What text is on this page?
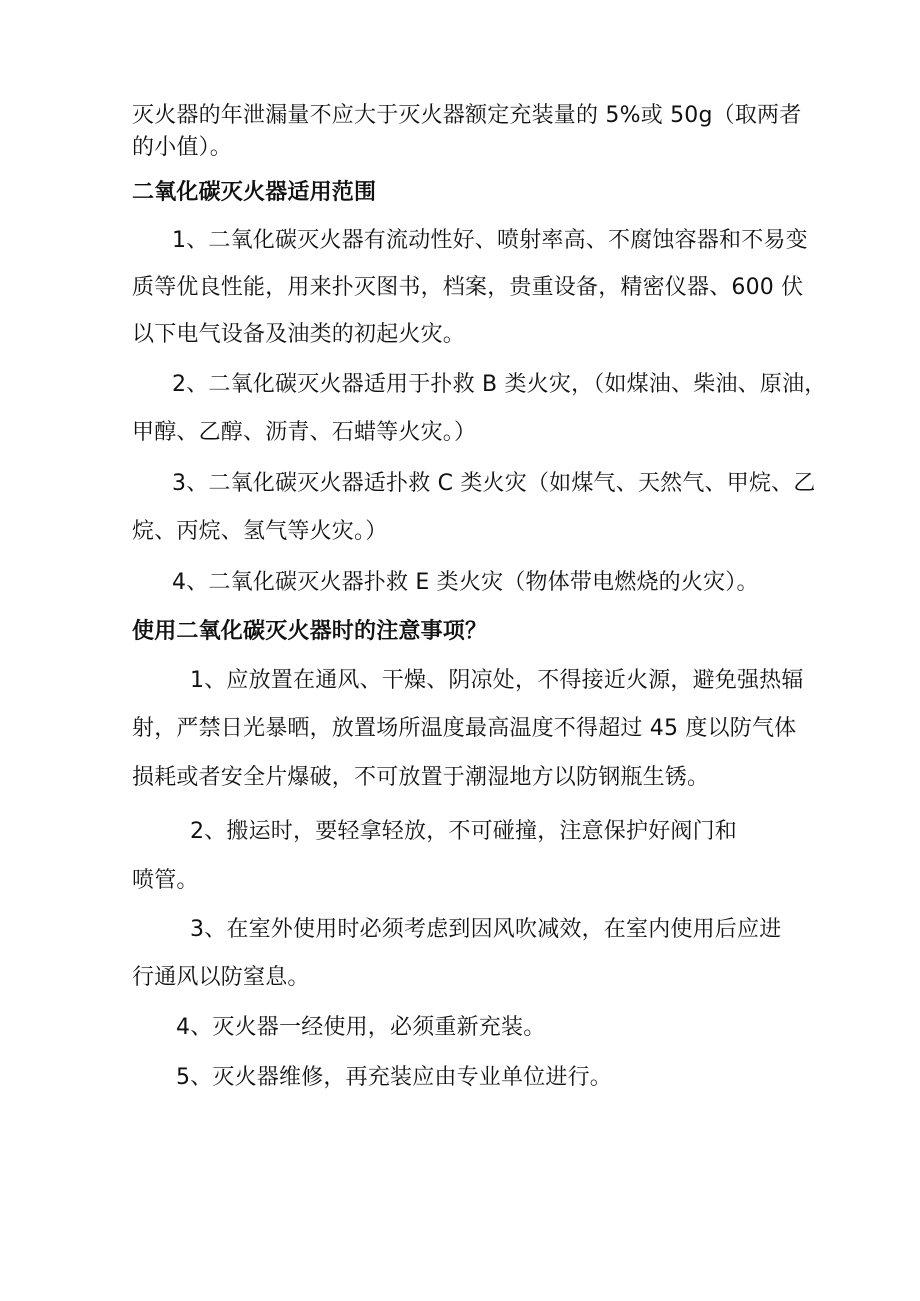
灭火器的年泄漏量不应大于灭火器额定充装量的 5%或 50g（取两者
的小值）。
二氧化碳灭火器适用范围
1、二氧化碳灭火器有流动性好、喷射率高、不腐蚀容器和不易变
质等优良性能，用来扑灭图书，档案，贵重设备，精密仪器、600 伏
以下电气设备及油类的初起火灾。
2、二氧化碳灭火器适用于扑救 B 类火灾，（如煤油、柴油、原油，
甲醇、乙醇、沥青、石蜡等火灾。）
3、二氧化碳灭火器适扑救 C 类火灾（如煤气、天然气、甲烷、乙
烷、丙烷、氢气等火灾。）
4、二氧化碳灭火器扑救 E 类火灾（物体带电燃烧的火灾）。
使用二氧化碳灭火器时的注意事项？
1、应放置在通风、干燥、阴凉处，不得接近火源，避免强热辐
射，严禁日光暴晒，放置场所温度最高温度不得超过 45 度以防气体
损耗或者安全片爆破，不可放置于潮湿地方以防钢瓶生锈。
2、搬运时，要轻拿轻放，不可碰撞，注意保护好阀门和
喷管。
3、在室外使用时必须考虑到因风吹减效，在室内使用后应进
行通风以防窒息。
4、灭火器一经使用，必须重新充装。
5、灭火器维修，再充装应由专业单位进行。
